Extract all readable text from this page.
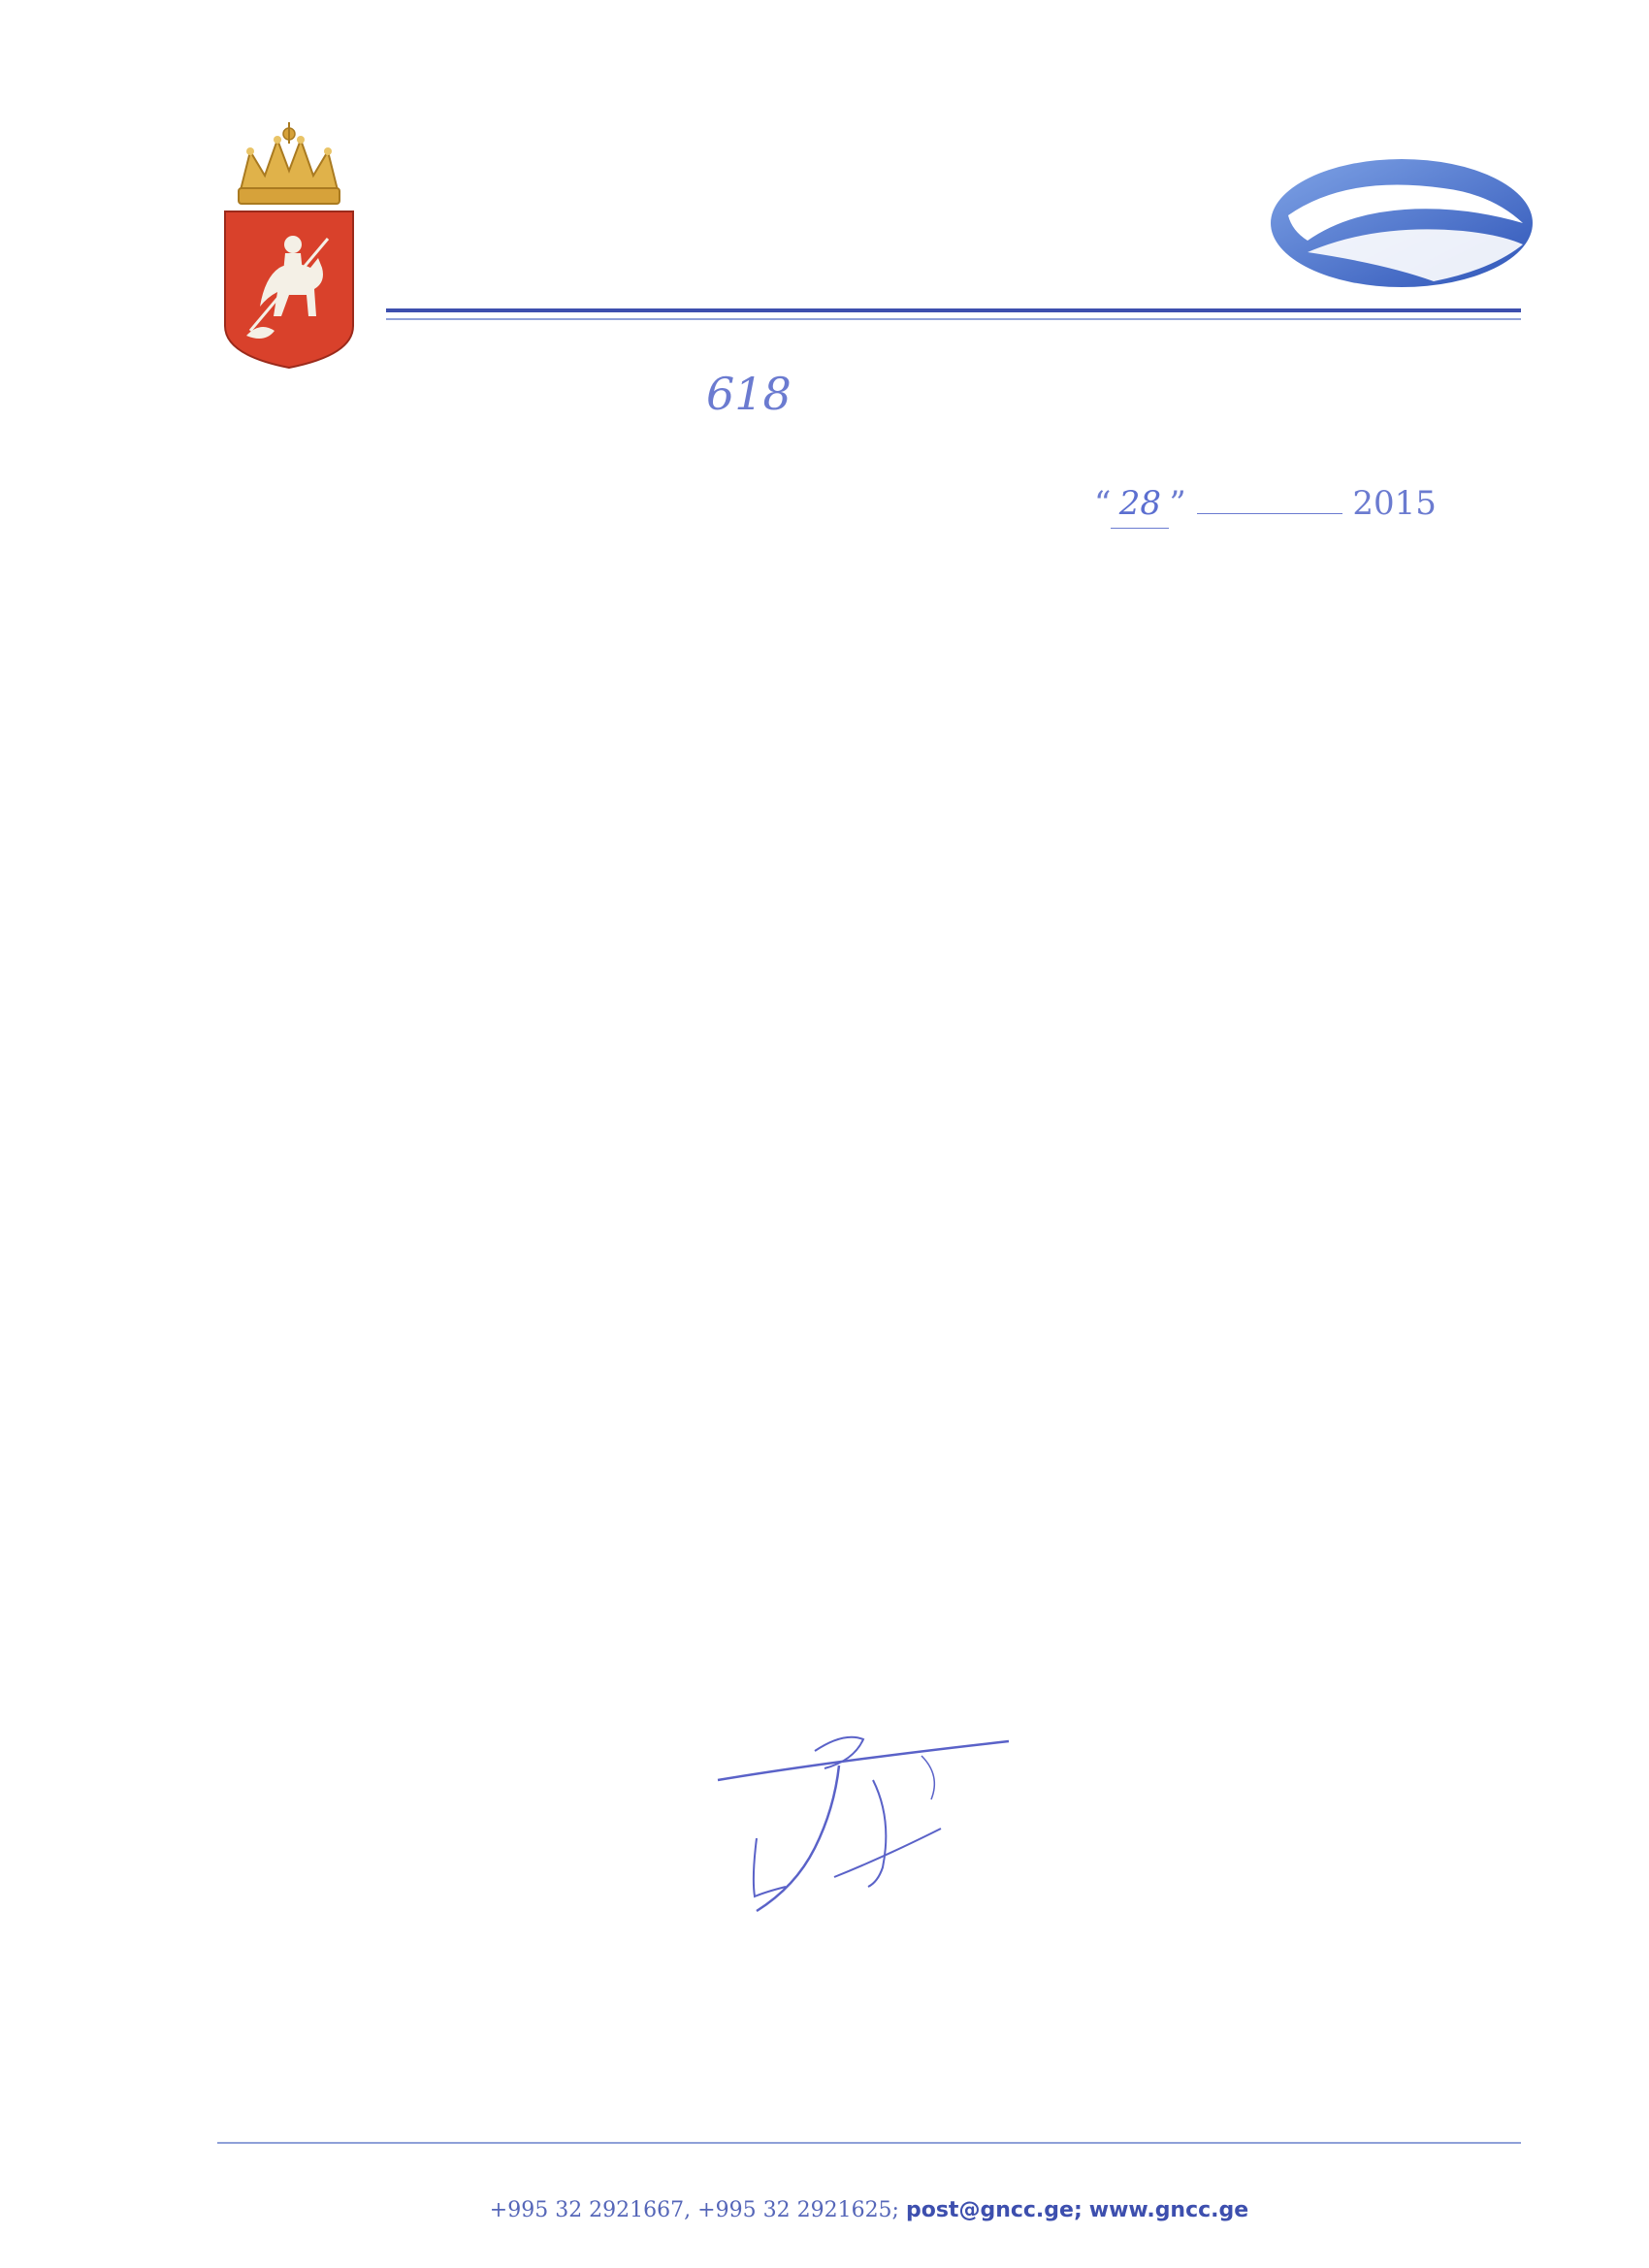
618
“ 28 ”	2015
+995 32 2921667, +995 32 2921625; post@gncc.ge; www.gncc.ge
